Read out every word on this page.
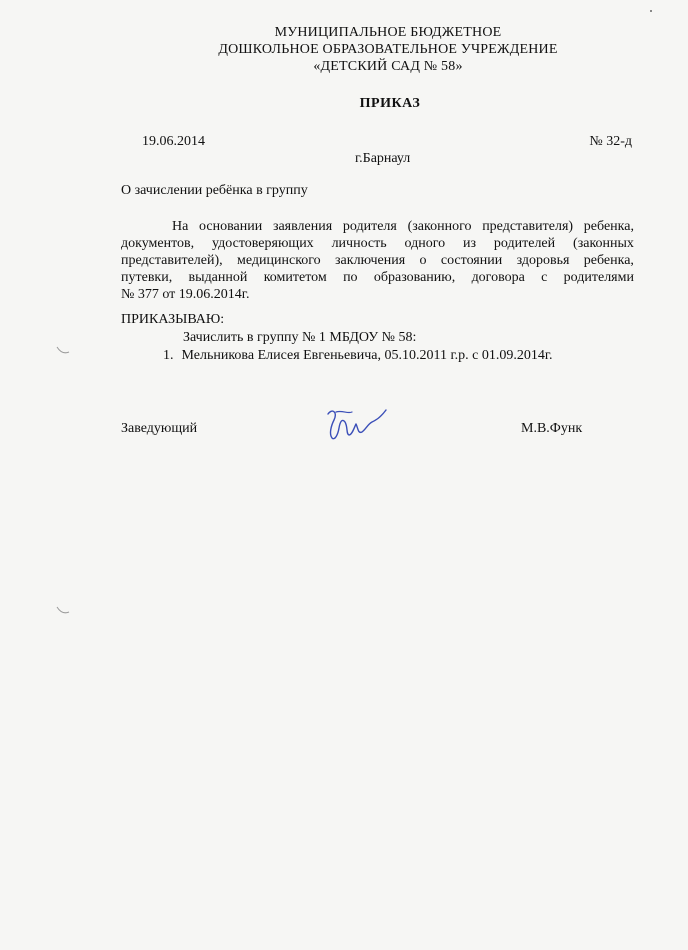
МУНИЦИПАЛЬНОЕ БЮДЖЕТНОЕ
ДОШКОЛЬНОЕ ОБРАЗОВАТЕЛЬНОЕ УЧРЕЖДЕНИЕ
«ДЕТСКИЙ САД № 58»
ПРИКАЗ
19.06.2014	№ 32-д
г.Барнаул
О зачислении ребёнка в группу
На основании заявления родителя (законного представителя) ребенка,
документов, удостоверяющих личность одного из родителей (законных
представителей), медицинского заключения о состоянии здоровья ребенка,
путевки, выданной комитетом по образованию, договора с родителями
№ 377 от 19.06.2014г.
ПРИКАЗЫВАЮ:
Зачислить в группу № 1 МБДОУ № 58:
1. Мельникова Елисея Евгеньевича, 05.10.2011 г.р. с 01.09.2014г.
Заведующий	М.В.Функ
